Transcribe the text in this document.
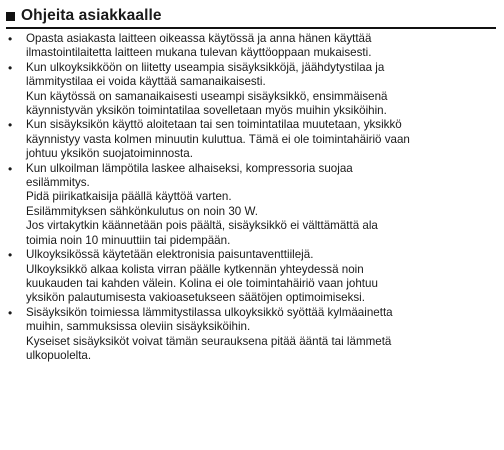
Ohjeita asiakkaalle
• Opasta asiakasta laitteen oikeassa käytössä ja anna hänen käyttää
ilmastointilaitetta laitteen mukana tulevan käyttöoppaan mukaisesti.
• Kun ulkoyksikköön on liitetty useampia sisäyksikköjä, jäähdytystilaa ja
lämmitystilaa ei voida käyttää samanaikaisesti.
Kun käytössä on samanaikaisesti useampi sisäyksikkö, ensimmäisenä
käynnistyvän yksikön toimintatilaa sovelletaan myös muihin yksiköihin.
• Kun sisäyksikön käyttö aloitetaan tai sen toimintatilaa muutetaan, yksikkö
käynnistyy vasta kolmen minuutin kuluttua. Tämä ei ole toimintahäiriö vaan
johtuu yksikön suojatoiminnosta.
• Kun ulkoilman lämpötila laskee alhaiseksi, kompressoria suojaa
esilämmitys.
Pidä piirikatkaisija päällä käyttöä varten.
Esilämmityksen sähkönkulutus on noin 30 W.
Jos virtakytkin käännetään pois päältä, sisäyksikkö ei välttämättä ala
toimia noin 10 minuuttiin tai pidempään.
• Ulkoyksikössä käytetään elektronisia paisuntaventtiilejä.
Ulkoyksikkö alkaa kolista virran päälle kytkennän yhteydessä noin
kuukauden tai kahden välein. Kolina ei ole toimintahäiriö vaan johtuu
yksikön palautumisesta vakioasetukseen säätöjen optimoimiseksi.
• Sisäyksikön toimiessa lämmitystilassa ulkoyksikkö syöttää kylmäainetta
muihin, sammuksissa oleviin sisäyksiköihin.
Kyseiset sisäyksiköt voivat tämän seurauksena pitää ääntä tai lämmetä
ulkopuolelta.
